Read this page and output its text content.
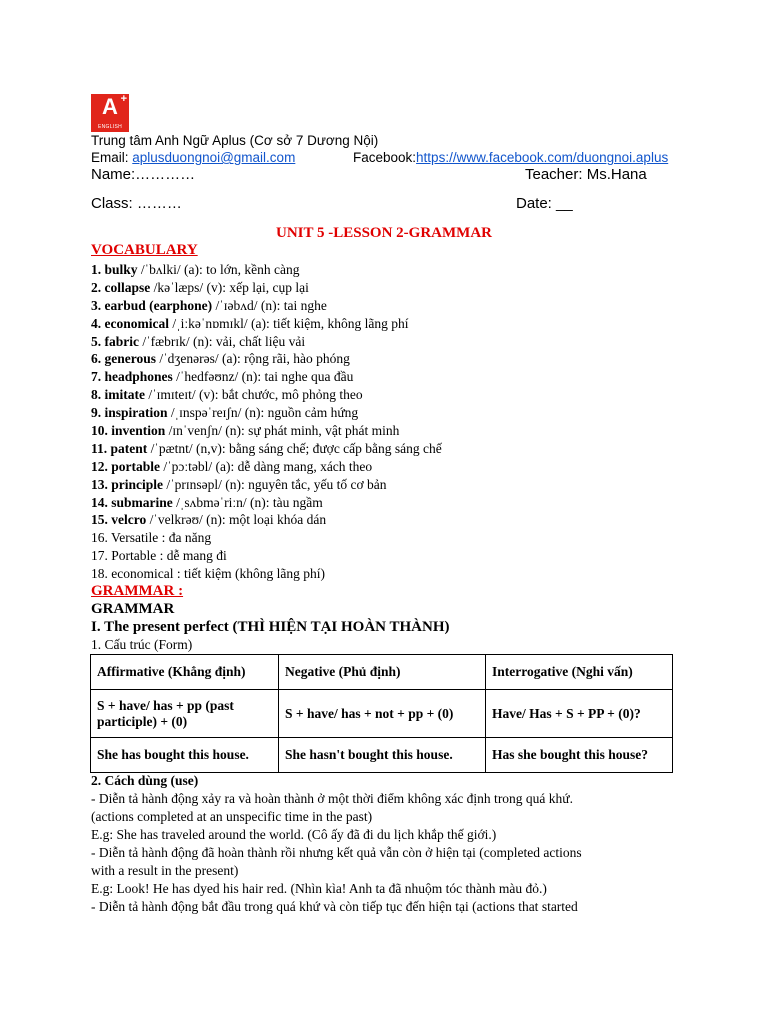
A +
ENGLISH
Trung tâm Anh Ngữ Aplus (Cơ sở 7 Dương Nội)
Email: aplusduongnoi@gmail.com	Facebook:https://www.facebook.com/duongnoi.aplus
Name:…………	Teacher: Ms.Hana
Class: ………	Date: __
UNIT 5 -LESSON 2-GRAMMAR
VOCABULARY
1. bulky /ˈbʌlki/ (a): to lớn, kềnh càng
2. collapse /kəˈlæps/ (v): xếp lại, cụp lại
3. earbud (earphone) /ˈɪəbʌd/ (n): tai nghe
4. economical /ˌiːkəˈnɒmɪkl/ (a): tiết kiệm, không lãng phí
5. fabric /ˈfæbrɪk/ (n): vải, chất liệu vải
6. generous /ˈdʒenərəs/ (a): rộng rãi, hào phóng
7. headphones /ˈhedfəʊnz/ (n): tai nghe qua đầu
8. imitate /ˈɪmɪteɪt/ (v): bắt chước, mô phỏng theo
9. inspiration /ˌɪnspəˈreɪʃn/ (n): nguồn cảm hứng
10. invention /ɪnˈvenʃn/ (n): sự phát minh, vật phát minh
11. patent /ˈpætnt/ (n,v): bằng sáng chế; được cấp bằng sáng chế
12. portable /ˈpɔːtəbl/ (a): dễ dàng mang, xách theo
13. principle /ˈprɪnsəpl/ (n): nguyên tắc, yếu tố cơ bản
14. submarine /ˌsʌbməˈriːn/ (n): tàu ngầm
15. velcro /ˈvelkrəʊ/ (n): một loại khóa dán
16. Versatile : đa năng
17. Portable : dễ mang đi
18. economical : tiết kiệm (không lãng phí)
GRAMMAR :
GRAMMAR
I. The present perfect (THÌ HIỆN TẠI HOÀN THÀNH)
1. Cấu trúc (Form)
Affirmative (Khẳng định)	Negative (Phủ định)	Interrogative (Nghi vấn)
S + have/ has + pp (past participle) + (0)	S + have/ has + not + pp + (0)	Have/ Has + S + PP + (0)?
She has bought this house.	She hasn't bought this house.	Has she bought this house?
2. Cách dùng (use)
- Diễn tả hành động xảy ra và hoàn thành ở một thời điểm không xác định trong quá khứ.
(actions completed at an unspecific time in the past)
E.g: She has traveled around the world. (Cô ấy đã đi du lịch khắp thế giới.)
- Diễn tả hành động đã hoàn thành rồi nhưng kết quả vẫn còn ở hiện tại (completed actions
with a result in the present)
E.g: Look! He has dyed his hair red. (Nhìn kìa! Anh ta đã nhuộm tóc thành màu đỏ.)
- Diễn tả hành động bắt đầu trong quá khứ và còn tiếp tục đến hiện tại (actions that started
